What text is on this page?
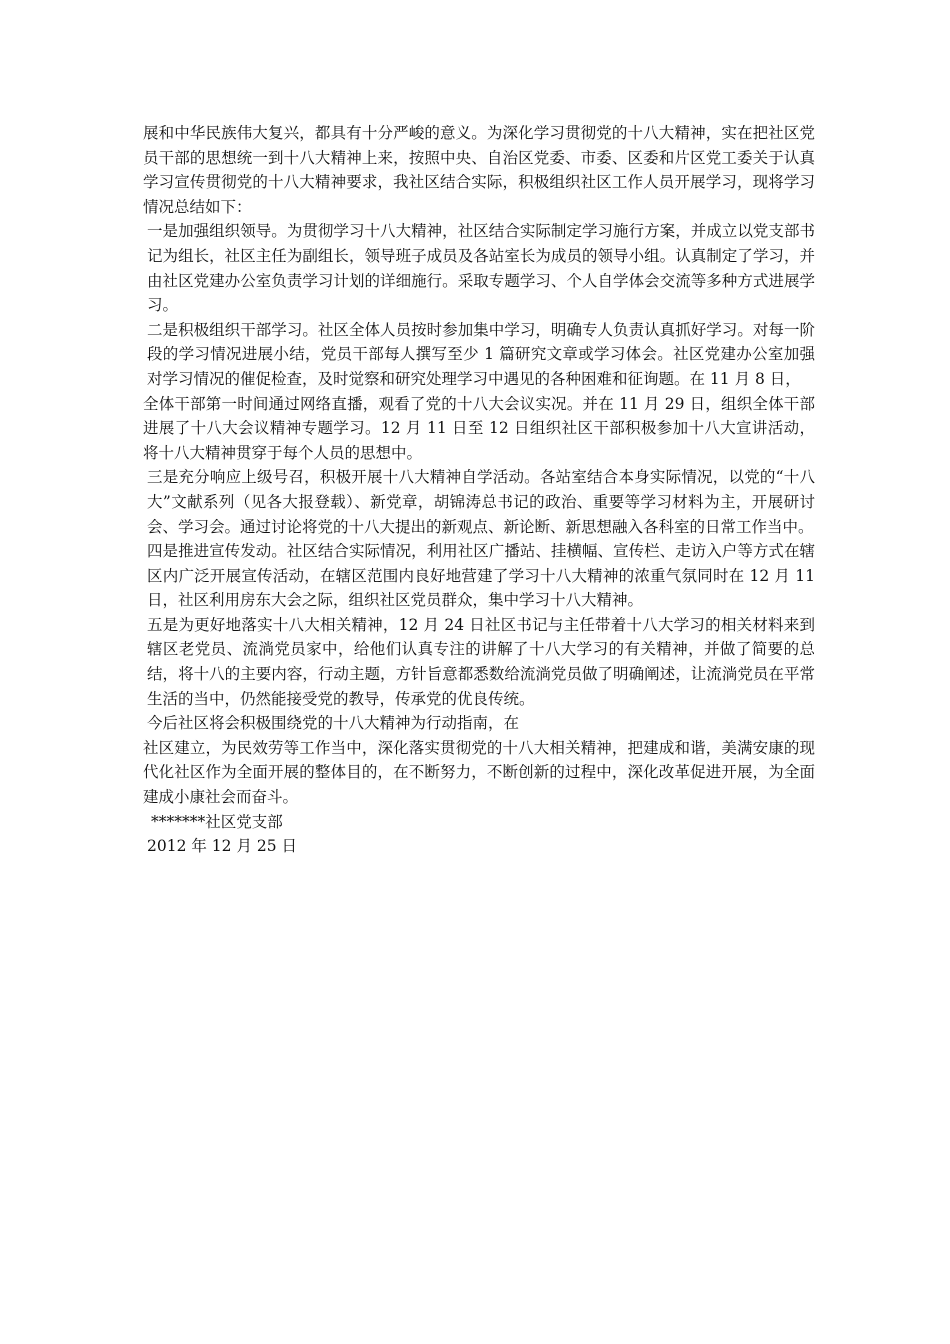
展和中华民族伟大复兴，都具有十分严峻的意义。为深化学习贯彻党的十八大精神，实在把社区党员干部的思想统一到十八大精神上来，按照中央、自治区党委、市委、区委和片区党工委关于认真学习宣传贯彻党的十八大精神要求，我社区结合实际，积极组织社区工作人员开展学习，现将学习情况总结如下：

一是加强组织领导。为贯彻学习十八大精神，社区结合实际制定学习施行方案，并成立以党支部书记为组长，社区主任为副组长，领导班子成员及各站室长为成员的领导小组。认真制定了学习，并由社区党建办公室负责学习计划的详细施行。采取专题学习、个人自学体会交流等多种方式进展学习。

二是积极组织干部学习。社区全体人员按时参加集中学习，明确专人负责认真抓好学习。对每一阶段的学习情况进展小结，党员干部每人撰写至少 1 篇研究文章或学习体会。社区党建办公室加强对学习情况的催促检查，及时觉察和研究处理学习中遇见的各种困难和征询题。在 11 月 8 日，

全体干部第一时间通过网络直播，观看了党的十八大会议实况。并在 11 月 29 日，组织全体干部进展了十八大会议精神专题学习。12 月 11 日至 12 日组织社区干部积极参加十八大宣讲活动，将十八大精神贯穿于每个人员的思想中。

三是充分响应上级号召，积极开展十八大精神自学活动。各站室结合本身实际情况，以党的“十八大”文献系列（见各大报登载）、新党章，胡锦涛总书记的政治、重要等学习材料为主，开展研讨会、学习会。通过讨论将党的十八大提出的新观点、新论断、新思想融入各科室的日常工作当中。

四是推进宣传发动。社区结合实际情况，利用社区广播站、挂横幅、宣传栏、走访入户等方式在辖区内广泛开展宣传活动，在辖区范围内良好地营建了学习十八大精神的浓重气氛同时在 12 月 11 日，社区利用房东大会之际，组织社区党员群众，集中学习十八大精神。

五是为更好地落实十八大相关精神，12 月 24 日社区书记与主任带着十八大学习的相关材料来到辖区老党员、流淌党员家中，给他们认真专注的讲解了十八大学习的有关精神，并做了简要的总结，将十八的主要内容，行动主题，方针旨意都悉数给流淌党员做了明确阐述，让流淌党员在平常生活的当中，仍然能接受党的教导，传承党的优良传统。

今后社区将会积极围绕党的十八大精神为行动指南，在

社区建立，为民效劳等工作当中，深化落实贯彻党的十八大相关精神，把建成和谐，美满安康的现代化社区作为全面开展的整体目的，在不断努力，不断创新的过程中，深化改革促进开展，为全面建成小康社会而奋斗。

*******社区党支部

2012 年 12 月 25 日
